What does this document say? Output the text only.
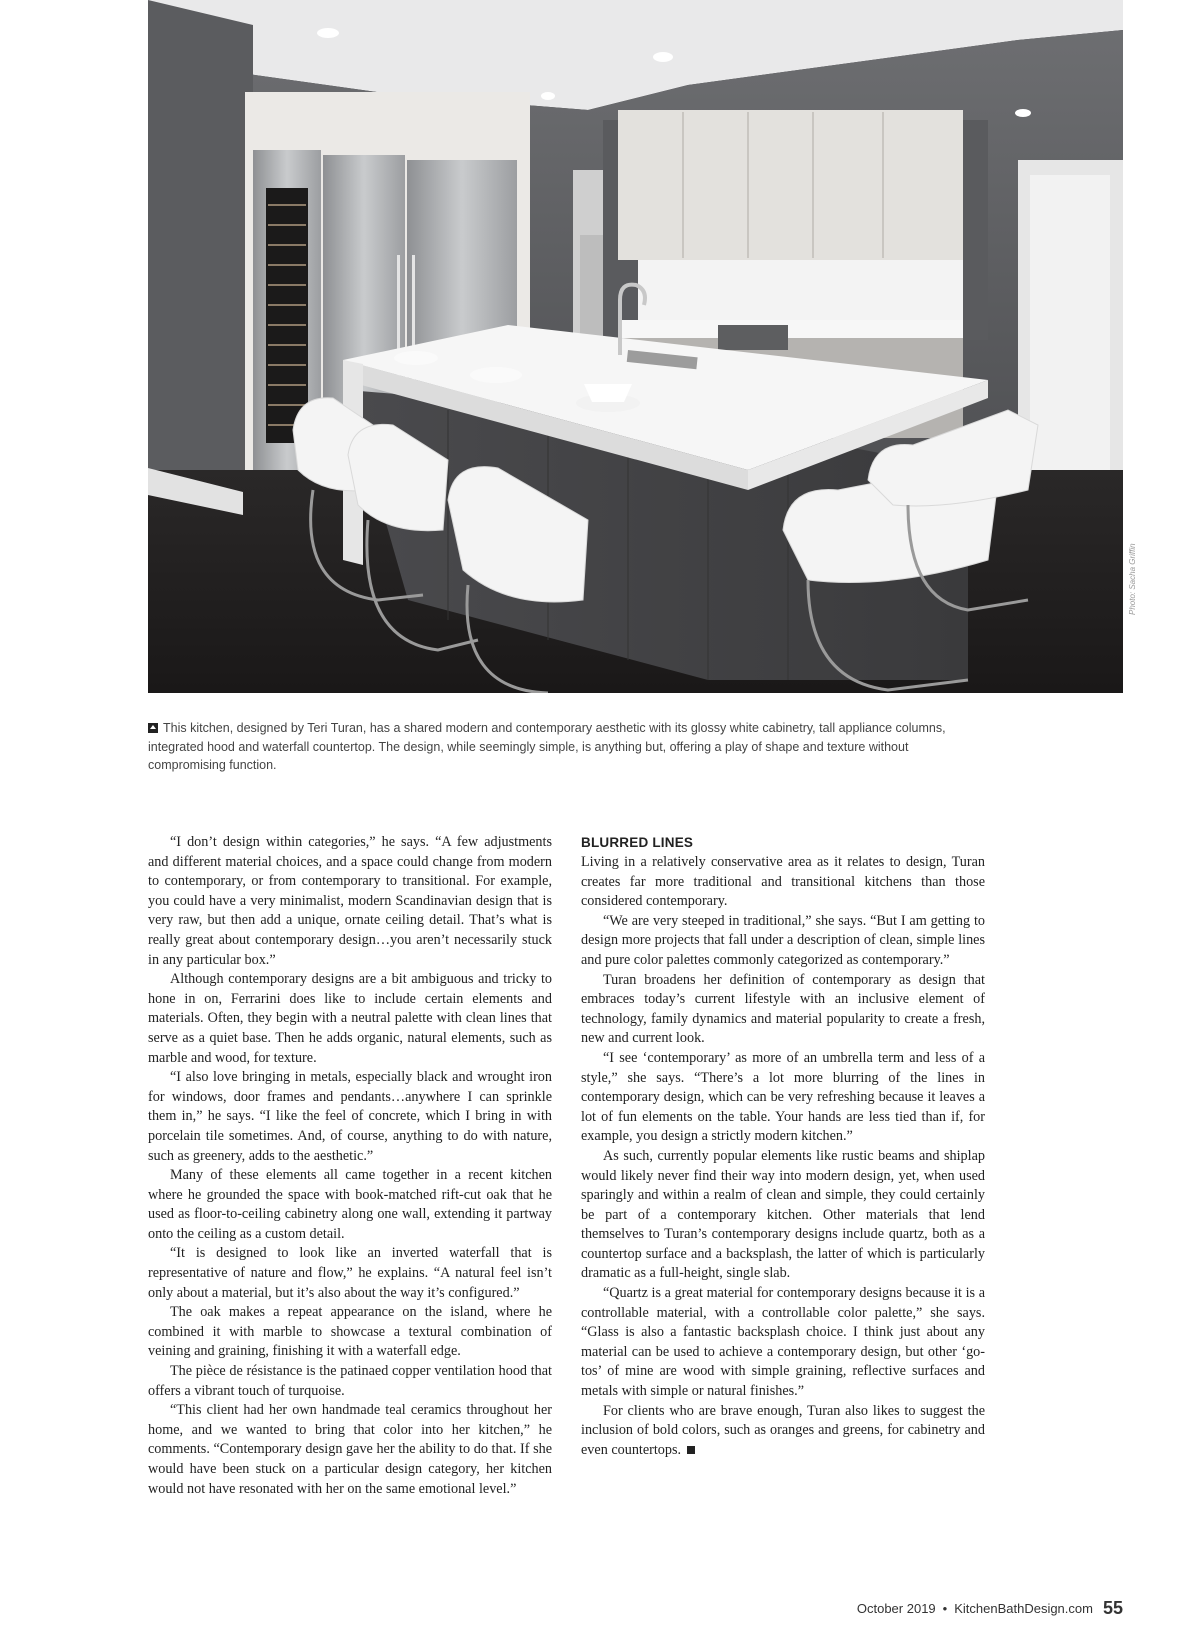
Photo: Sacha Griffin
This kitchen, designed by Teri Turan, has a shared modern and contemporary aesthetic with its glossy white cabinetry, tall appliance columns, integrated hood and waterfall countertop. The design, while seemingly simple, is anything but, offering a play of shape and texture without compromising function.

“I don’t design within categories,” he says. “A few adjustments and different material choices, and a space could change from modern to contemporary, or from contemporary to transitional. For example, you could have a very minimalist, modern Scandinavian design that is very raw, but then add a unique, ornate ceiling detail. That’s what is really great about contemporary design…you aren’t necessarily stuck in any particular box.”

Although contemporary designs are a bit ambiguous and tricky to hone in on, Ferrarini does like to include certain elements and materials. Often, they begin with a neutral palette with clean lines that serve as a quiet base. Then he adds organic, natural elements, such as marble and wood, for texture.

“I also love bringing in metals, especially black and wrought iron for windows, door frames and pendants…anywhere I can sprinkle them in,” he says. “I like the feel of concrete, which I bring in with porcelain tile sometimes. And, of course, anything to do with nature, such as greenery, adds to the aesthetic.”

Many of these elements all came together in a recent kitchen where he grounded the space with book-matched rift-cut oak that he used as floor-to-ceiling cabinetry along one wall, extending it partway onto the ceiling as a custom detail.

“It is designed to look like an inverted waterfall that is representative of nature and flow,” he explains. “A natural feel isn’t only about a material, but it’s also about the way it’s configured.”

The oak makes a repeat appearance on the island, where he combined it with marble to showcase a textural combination of veining and graining, finishing it with a waterfall edge.

The pièce de résistance is the patinaed copper ventilation hood that offers a vibrant touch of turquoise.

“This client had her own handmade teal ceramics throughout her home, and we wanted to bring that color into her kitchen,” he comments. “Contemporary design gave her the ability to do that. If she would have been stuck on a particular design category, her kitchen would not have resonated with her on the same emotional level.”

BLURRED LINES

Living in a relatively conservative area as it relates to design, Turan creates far more traditional and transitional kitchens than those considered contemporary.

“We are very steeped in traditional,” she says. “But I am getting to design more projects that fall under a description of clean, simple lines and pure color palettes commonly categorized as contemporary.”

Turan broadens her definition of contemporary as design that embraces today’s current lifestyle with an inclusive element of technology, family dynamics and material popularity to create a fresh, new and current look.

“I see ‘contemporary’ as more of an umbrella term and less of a style,” she says. “There’s a lot more blurring of the lines in contemporary design, which can be very refreshing because it leaves a lot of fun elements on the table. Your hands are less tied than if, for example, you design a strictly modern kitchen.”

As such, currently popular elements like rustic beams and shiplap would likely never find their way into modern design, yet, when used sparingly and within a realm of clean and simple, they could certainly be part of a contemporary kitchen. Other materials that lend themselves to Turan’s contemporary designs include quartz, both as a countertop surface and a backsplash, the latter of which is particularly dramatic as a full-height, single slab.

“Quartz is a great material for contemporary designs because it is a controllable material, with a controllable color palette,” she says. “Glass is also a fantastic backsplash choice. I think just about any material can be used to achieve a contemporary design, but other ‘go-tos’ of mine are wood with simple graining, reflective surfaces and metals with simple or natural finishes.”

For clients who are brave enough, Turan also likes to suggest the inclusion of bold colors, such as oranges and greens, for cabinetry and even countertops.

October 2019 • KitchenBathDesign.com 55
